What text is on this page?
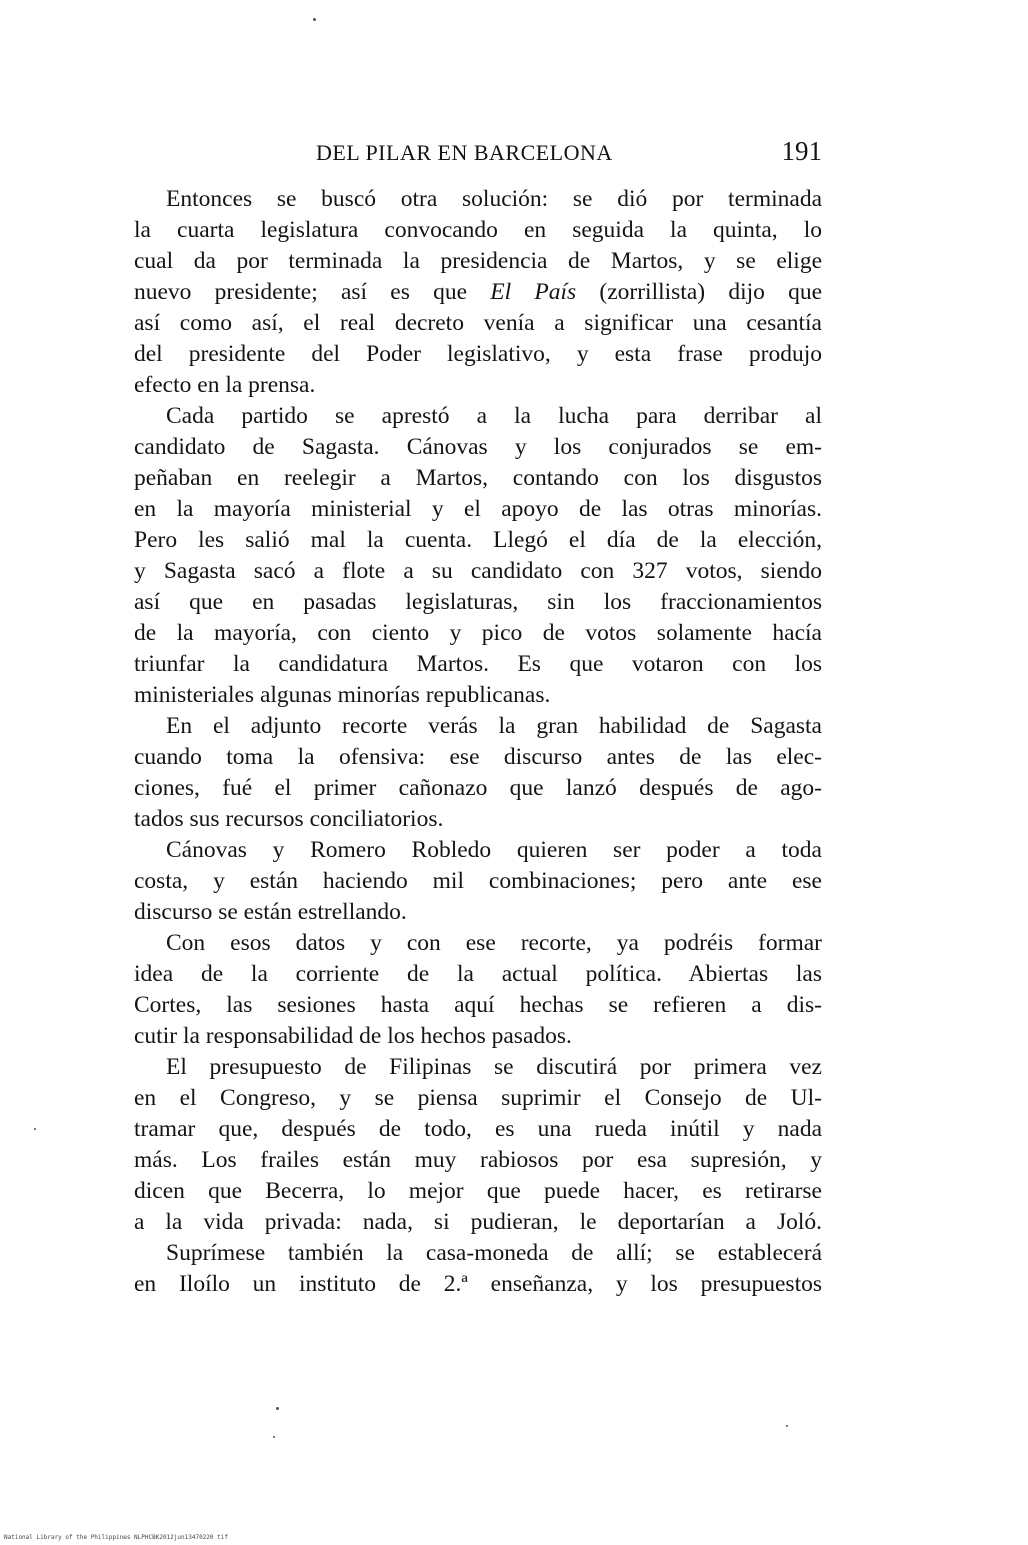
DEL PILAR EN BARCELONA	191
Entonces se buscó otra solución: se dió por terminada
la cuarta legislatura convocando en seguida la quinta, lo
cual da por terminada la presidencia de Martos, y se elige
nuevo presidente; así es que El País (zorrillista) dijo que
así como así, el real decreto venía a significar una cesantía
del presidente del Poder legislativo, y esta frase produjo
efecto en la prensa.
Cada partido se aprestó a la lucha para derribar al
candidato de Sagasta. Cánovas y los conjurados se em-
peñaban en reelegir a Martos, contando con los disgustos
en la mayoría ministerial y el apoyo de las otras minorías.
Pero les salió mal la cuenta. Llegó el día de la elección,
y Sagasta sacó a flote a su candidato con 327 votos, siendo
así que en pasadas legislaturas, sin los fraccionamientos
de la mayoría, con ciento y pico de votos solamente hacía
triunfar la candidatura Martos. Es que votaron con los
ministeriales algunas minorías republicanas.
En el adjunto recorte verás la gran habilidad de Sagasta
cuando toma la ofensiva: ese discurso antes de las elec-
ciones, fué el primer cañonazo que lanzó después de ago-
tados sus recursos conciliatorios.
Cánovas y Romero Robledo quieren ser poder a toda
costa, y están haciendo mil combinaciones; pero ante ese
discurso se están estrellando.
Con esos datos y con ese recorte, ya podréis formar
idea de la corriente de la actual política. Abiertas las
Cortes, las sesiones hasta aquí hechas se refieren a dis-
cutir la responsabilidad de los hechos pasados.
El presupuesto de Filipinas se discutirá por primera vez
en el Congreso, y se piensa suprimir el Consejo de Ul-
tramar que, después de todo, es una rueda inútil y nada
más. Los frailes están muy rabiosos por esa supresión, y
dicen que Becerra, lo mejor que puede hacer, es retirarse
a la vida privada: nada, si pudieran, le deportarían a Joló.
Suprímese también la casa-moneda de allí; se establecerá
en Iloílo un instituto de 2.ª enseñanza, y los presupuestos
National Library of the Philippines NLPHCBK2012jun13470220 tif
